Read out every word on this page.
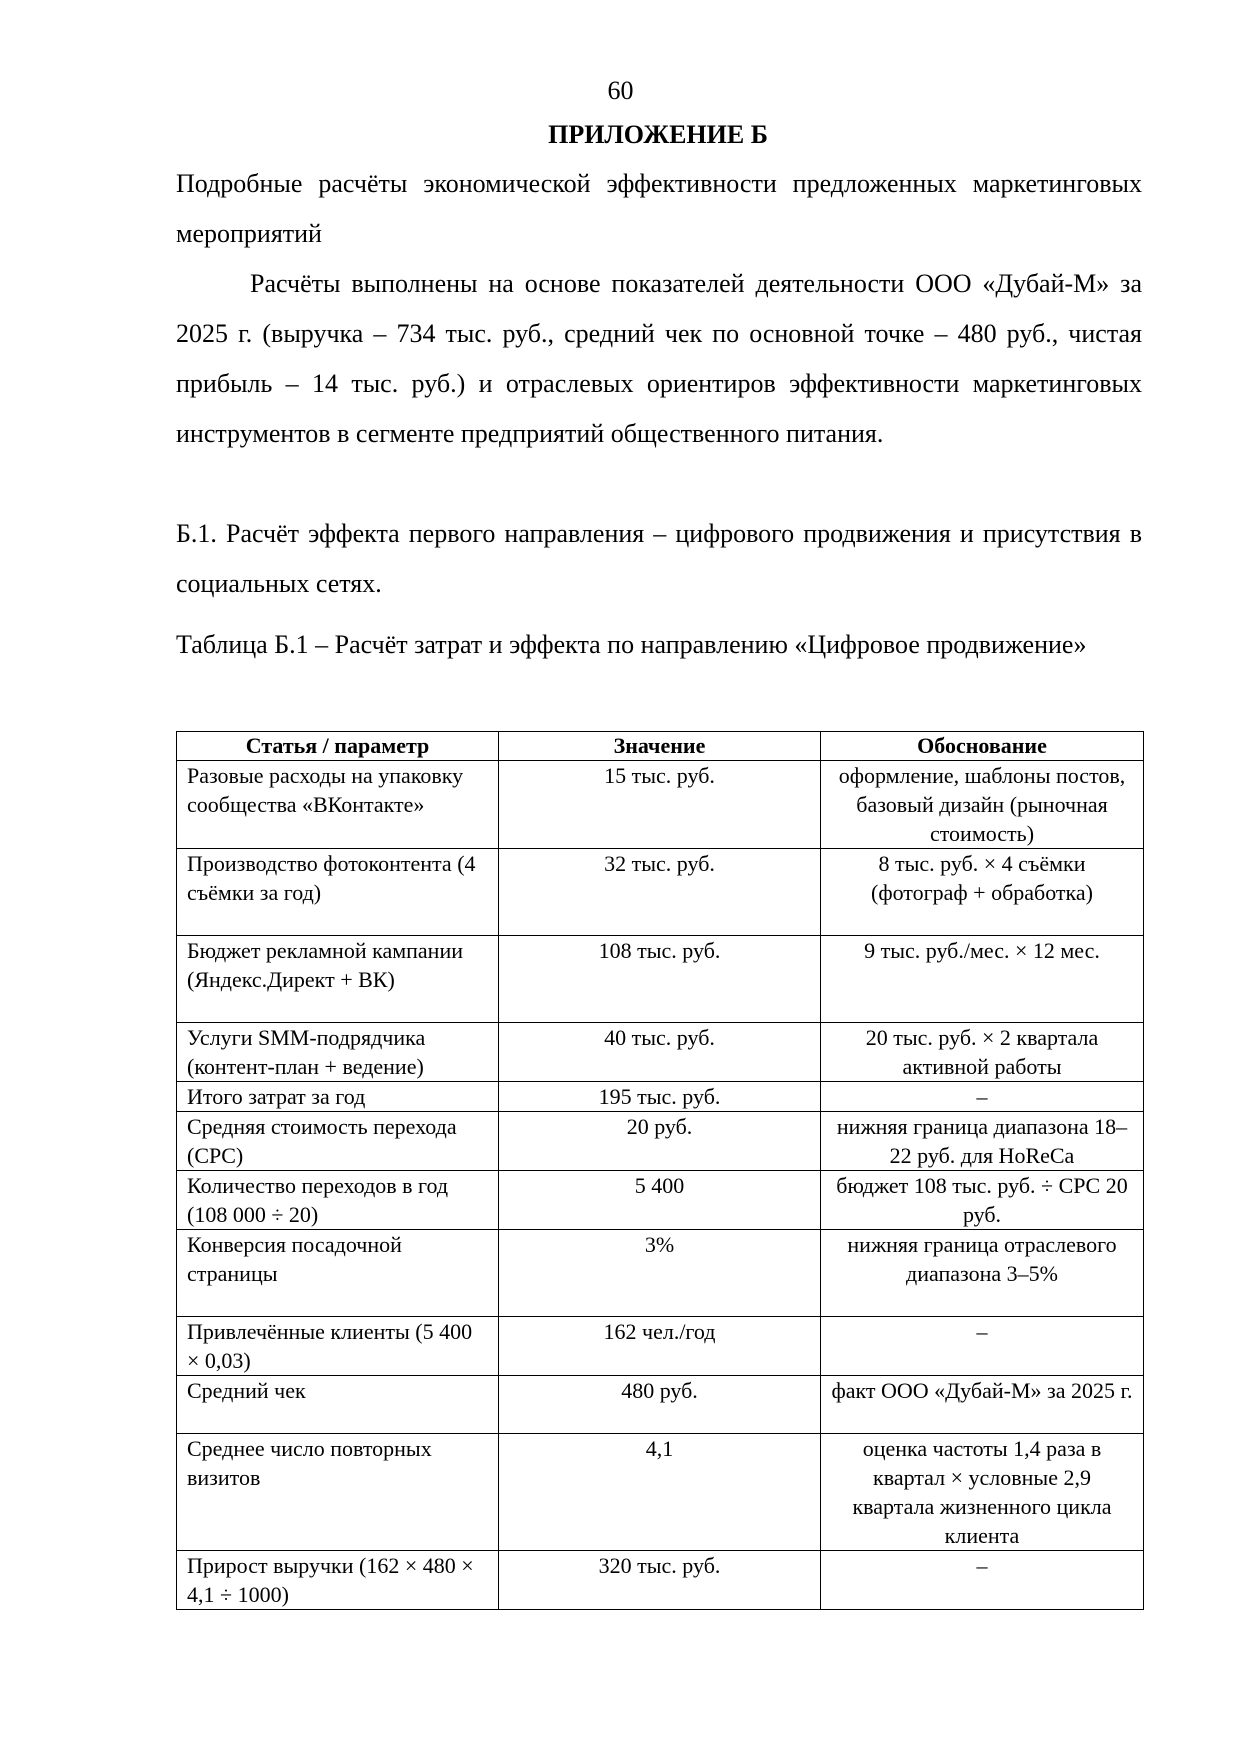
60
ПРИЛОЖЕНИЕ Б
Подробные расчёты экономической эффективности предложенных маркетинговых мероприятий
Расчёты выполнены на основе показателей деятельности ООО «Дубай-М» за 2025 г. (выручка – 734 тыс. руб., средний чек по основной точке – 480 руб., чистая прибыль – 14 тыс. руб.) и отраслевых ориентиров эффективности маркетинговых инструментов в сегменте предприятий общественного питания.
Б.1. Расчёт эффекта первого направления – цифрового продвижения и присутствия в социальных сетях.
Таблица Б.1 – Расчёт затрат и эффекта по направлению «Цифровое продвижение»
Статья / параметр	Значение	Обоснование
Разовые расходы на упаковку сообщества «ВКонтакте»	15 тыс. руб.	оформление, шаблоны постов, базовый дизайн (рыночная стоимость)
Производство фотоконтента (4 съёмки за год)	32 тыс. руб.	8 тыс. руб. × 4 съёмки (фотограф + обработка)
Бюджет рекламной кампании (Яндекс.Директ + ВК)	108 тыс. руб.	9 тыс. руб./мес. × 12 мес.
Услуги SMM-подрядчика (контент-план + ведение)	40 тыс. руб.	20 тыс. руб. × 2 квартала активной работы
Итого затрат за год	195 тыс. руб.	–
Средняя стоимость перехода (CPC)	20 руб.	нижняя граница диапазона 18–22 руб. для HoReCa
Количество переходов в год (108 000 ÷ 20)	5 400	бюджет 108 тыс. руб. ÷ CPC 20 руб.
Конверсия посадочной страницы	3%	нижняя граница отраслевого диапазона 3–5%
Привлечённые клиенты (5 400 × 0,03)	162 чел./год	–
Средний чек	480 руб.	факт ООО «Дубай-М» за 2025 г.
Среднее число повторных визитов	4,1	оценка частоты 1,4 раза в квартал × условные 2,9 квартала жизненного цикла клиента
Прирост выручки (162 × 480 × 4,1 ÷ 1000)	320 тыс. руб.	–
